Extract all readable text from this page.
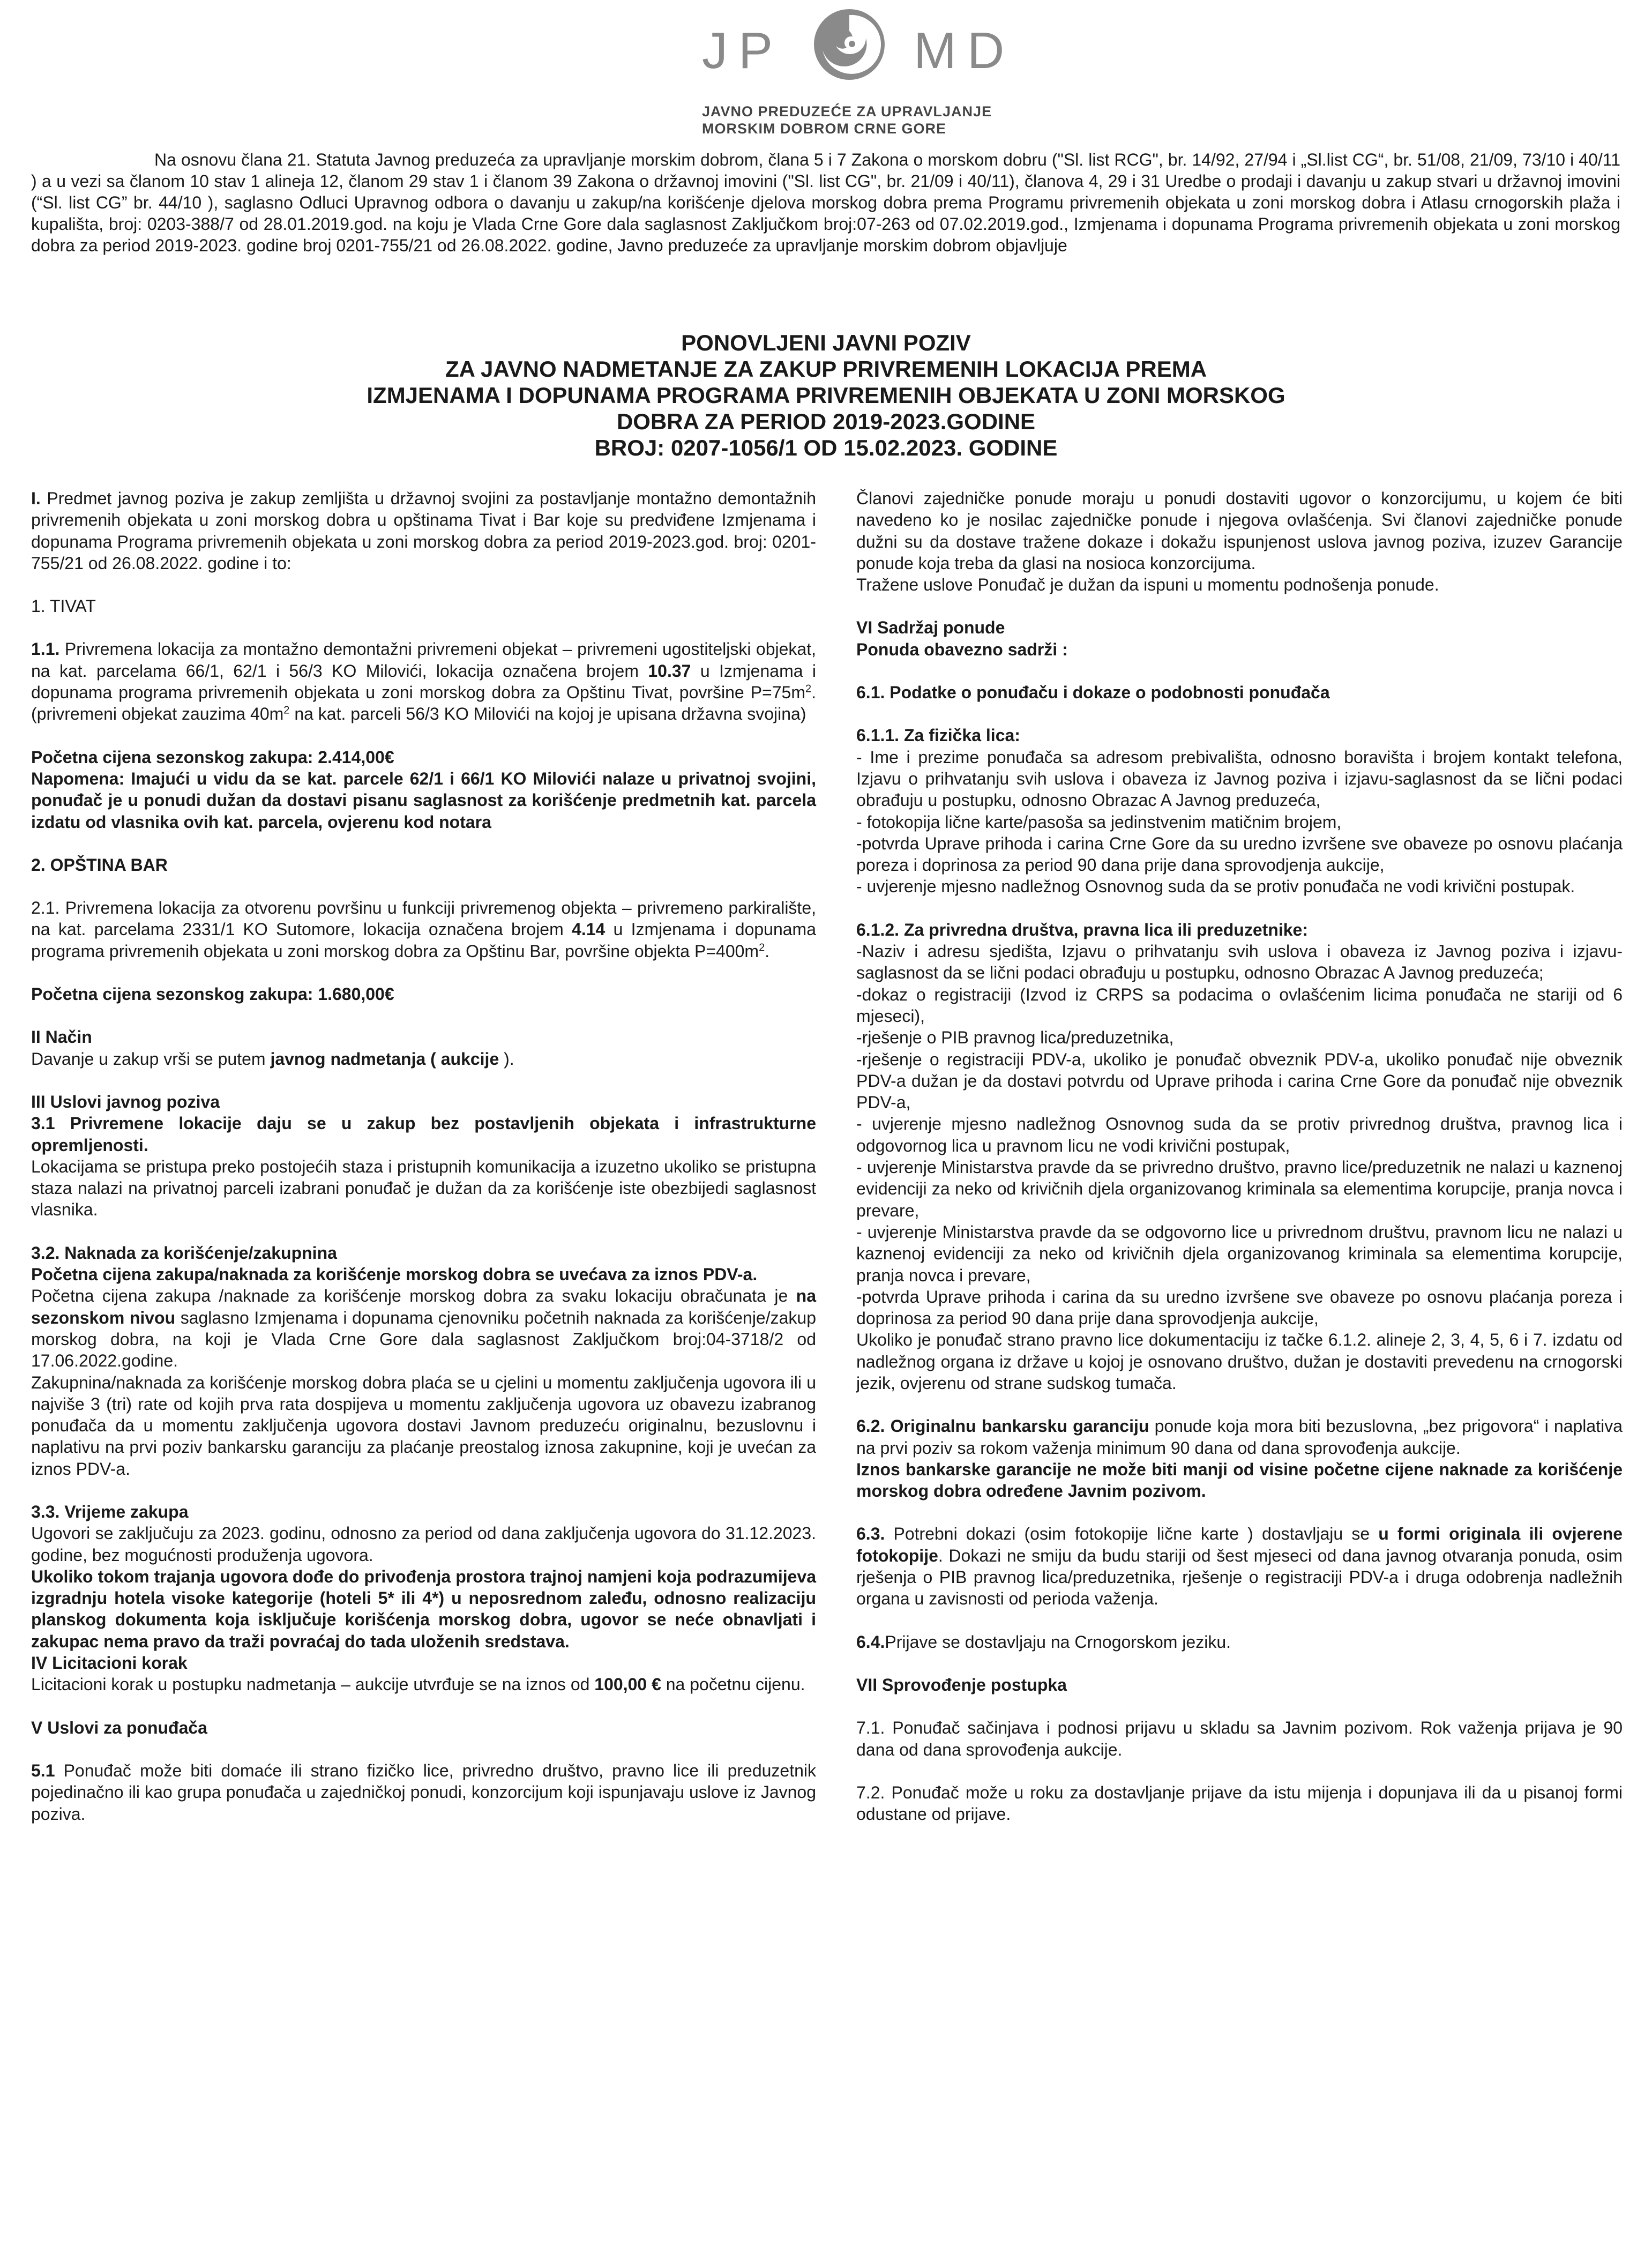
JP	MD
JAVNO PREDUZEĆE ZA UPRAVLJANJE
MORSKIM DOBROM CRNE GORE
Na osnovu člana 21. Statuta Javnog preduzeća za upravljanje morskim dobrom, člana 5 i 7 Zakona o morskom dobru ("Sl. list RCG", br. 14/92, 27/94 i „Sl.list CG“, br. 51/08, 21/09, 73/10 i 40/11 ) a u vezi sa članom 10 stav 1 alineja 12, članom 29 stav 1 i članom 39 Zakona o državnoj imovini ("Sl. list CG", br. 21/09 i 40/11), članova 4, 29 i 31 Uredbe o prodaji i davanju u zakup stvari u državnoj imovini (“Sl. list CG” br. 44/10 ), saglasno Odluci Upravnog odbora o davanju u zakup/na korišćenje djelova morskog dobra prema Programu privremenih objekata u zoni morskog dobra i Atlasu crnogorskih plaža i kupališta, broj: 0203-388/7 od 28.01.2019.god. na koju je Vlada Crne Gore dala saglasnost Zaključkom broj:07-263 od 07.02.2019.god., Izmjenama i dopunama Programa privremenih objekata u zoni morskog dobra za period 2019-2023. godine broj 0201-755/21 od 26.08.2022. godine, Javno preduzeće za upravljanje morskim dobrom objavljuje
PONOVLJENI JAVNI POZIV
ZA JAVNO NADMETANJE ZA ZAKUP PRIVREMENIH LOKACIJA PREMA
IZMJENAMA I DOPUNAMA PROGRAMA PRIVREMENIH OBJEKATA U ZONI MORSKOG
DOBRA ZA PERIOD 2019-2023.GODINE
BROJ: 0207-1056/1 OD 15.02.2023. GODINE

I. Predmet javnog poziva je zakup zemljišta u državnoj svojini za postavljanje montažno demontažnih privremenih objekata u zoni morskog dobra u opštinama Tivat i Bar koje su predviđene Izmjenama i dopunama Programa privremenih objekata u zoni morskog dobra za period 2019-2023.god. broj: 0201-755/21 od 26.08.2022. godine i to:

1. TIVAT

1.1. Privremena lokacija za montažno demontažni privremeni objekat – privremeni ugostiteljski objekat, na kat. parcelama 66/1, 62/1 i 56/3 KO Milovići, lokacija označena brojem 10.37 u Izmjenama i dopunama programa privremenih objekata u zoni morskog dobra za Opštinu Tivat, površine $P=75m^2$. (privremeni objekat zauzima $40m^2$ na kat. parceli 56/3 KO Milovići na kojoj je upisana državna svojina)

Početna cijena sezonskog zakupa: 2.414,00€

Napomena: Imajući u vidu da se kat. parcele 62/1 i 66/1 KO Milovići nalaze u privatnoj svojini, ponuđač je u ponudi dužan da dostavi pisanu saglasnost za korišćenje predmetnih kat. parcela izdatu od vlasnika ovih kat. parcela, ovjerenu kod notara

2. OPŠTINA BAR

2.1. Privremena lokacija za otvorenu površinu u funkciji privremenog objekta – privremeno parkiralište, na kat. parcelama 2331/1 KO Sutomore, lokacija označena brojem 4.14 u Izmjenama i dopunama programa privremenih objekata u zoni morskog dobra za Opštinu Bar, površine objekta $P=400m^2$.

Početna cijena sezonskog zakupa: 1.680,00€

II Način

Davanje u zakup vrši se putem javnog nadmetanja ( aukcije ).

III Uslovi javnog poziva

3.1 Privremene lokacije daju se u zakup bez postavljenih objekata i infrastrukturne opremljenosti.

Lokacijama se pristupa preko postojećih staza i pristupnih komunikacija a izuzetno ukoliko se pristupna staza nalazi na privatnoj parceli izabrani ponuđač je dužan da za korišćenje iste obezbijedi saglasnost vlasnika.

3.2. Naknada za korišćenje/zakupnina

Početna cijena zakupa/naknada za korišćenje morskog dobra se uvećava za iznos PDV-a.

Početna cijena zakupa /naknade za korišćenje morskog dobra za svaku lokaciju obračunata je na sezonskom nivou saglasno Izmjenama i dopunama cjenovniku početnih naknada za korišćenje/zakup morskog dobra, na koji je Vlada Crne Gore dala saglasnost Zaključkom broj:04-3718/2 od 17.06.2022.godine.

Zakupnina/naknada za korišćenje morskog dobra plaća se u cjelini u momentu zaključenja ugovora ili u najviše 3 (tri) rate od kojih prva rata dospijeva u momentu zaključenja ugovora uz obavezu izabranog ponuđača da u momentu zaključenja ugovora dostavi Javnom preduzeću originalnu, bezuslovnu i naplativu na prvi poziv bankarsku garanciju za plaćanje preostalog iznosa zakupnine, koji je uvećan za iznos PDV-a.

3.3. Vrijeme zakupa

Ugovori se zaključuju za 2023. godinu, odnosno za period od dana zaključenja ugovora do 31.12.2023. godine, bez mogućnosti produženja ugovora.

Ukoliko tokom trajanja ugovora dođe do privođenja prostora trajnoj namjeni koja podrazumijeva izgradnju hotela visoke kategorije (hoteli 5* ili 4*) u neposrednom zaleđu, odnosno realizaciju planskog dokumenta koja isključuje korišćenja morskog dobra, ugovor se neće obnavljati i zakupac nema pravo da traži povraćaj do tada uloženih sredstava.

IV Licitacioni korak

Licitacioni korak u postupku nadmetanja – aukcije utvrđuje se na iznos od 100,00 € na početnu cijenu.

V Uslovi za ponuđača

5.1 Ponuđač može biti domaće ili strano fizičko lice, privredno društvo, pravno lice ili preduzetnik pojedinačno ili kao grupa ponuđača u zajedničkoj ponudi, konzorcijum koji ispunjavaju uslove iz Javnog poziva.

Članovi zajedničke ponude moraju u ponudi dostaviti ugovor o konzorcijumu, u kojem će biti navedeno ko je nosilac zajedničke ponude i njegova ovlašćenja. Svi članovi zajedničke ponude dužni su da dostave tražene dokaze i dokažu ispunjenost uslova javnog poziva, izuzev Garancije ponude koja treba da glasi na nosioca konzorcijuma.

Tražene uslove Ponuđač je dužan da ispuni u momentu podnošenja ponude.

VI Sadržaj ponude

Ponuda obavezno sadrži :

6.1. Podatke o ponuđaču i dokaze o podobnosti ponuđača

6.1.1. Za fizička lica:

- Ime i prezime ponuđača sa adresom prebivališta, odnosno boravišta i brojem kontakt telefona, Izjavu o prihvatanju svih uslova i obaveza iz Javnog poziva i izjavu-saglasnost da se lični podaci obrađuju u postupku, odnosno Obrazac A Javnog preduzeća,

- fotokopija lične karte/pasoša sa jedinstvenim matičnim brojem,

-potvrda Uprave prihoda i carina Crne Gore da su uredno izvršene sve obaveze po osnovu plaćanja poreza i doprinosa za period 90 dana prije dana sprovodjenja aukcije,

- uvjerenje mjesno nadležnog Osnovnog suda da se protiv ponuđača ne vodi krivični postupak.

6.1.2. Za privredna društva, pravna lica ili preduzetnike:

-Naziv i adresu sjedišta, Izjavu o prihvatanju svih uslova i obaveza iz Javnog poziva i izjavu-saglasnost da se lični podaci obrađuju u postupku, odnosno Obrazac A Javnog preduzeća;

-dokaz o registraciji (Izvod iz CRPS sa podacima o ovlašćenim licima ponuđača ne stariji od 6 mjeseci),

-rješenje o PIB pravnog lica/preduzetnika,

-rješenje o registraciji PDV-a, ukoliko je ponuđač obveznik PDV-a, ukoliko ponuđač nije obveznik PDV-a dužan je da dostavi potvrdu od Uprave prihoda i carina Crne Gore da ponuđač nije obveznik PDV-a,

- uvjerenje mjesno nadležnog Osnovnog suda da se protiv privrednog društva, pravnog lica i odgovornog lica u pravnom licu ne vodi krivični postupak,

- uvjerenje Ministarstva pravde da se privredno društvo, pravno lice/preduzetnik ne nalazi u kaznenoj evidenciji za neko od krivičnih djela organizovanog kriminala sa elementima korupcije, pranja novca i prevare,

- uvjerenje Ministarstva pravde da se odgovorno lice u privrednom društvu, pravnom licu ne nalazi u kaznenoj evidenciji za neko od krivičnih djela organizovanog kriminala sa elementima korupcije, pranja novca i prevare,

-potvrda Uprave prihoda i carina da su uredno izvršene sve obaveze po osnovu plaćanja poreza i doprinosa za period 90 dana prije dana sprovodjenja aukcije,

Ukoliko je ponuđač strano pravno lice dokumentaciju iz tačke 6.1.2. alineje 2, 3, 4, 5, 6 i 7. izdatu od nadležnog organa iz države u kojoj je osnovano društvo, dužan je dostaviti prevedenu na crnogorski jezik, ovjerenu od strane sudskog tumača.

6.2. Originalnu bankarsku garanciju ponude koja mora biti bezuslovna, „bez prigovora“ i naplativa na prvi poziv sa rokom važenja minimum 90 dana od dana sprovođenja aukcije.

Iznos bankarske garancije ne može biti manji od visine početne cijene naknade za korišćenje morskog dobra određene Javnim pozivom.

6.3. Potrebni dokazi (osim fotokopije lične karte ) dostavljaju se u formi originala ili ovjerene fotokopije. Dokazi ne smiju da budu stariji od šest mjeseci od dana javnog otvaranja ponuda, osim rješenja o PIB pravnog lica/preduzetnika, rješenje o registraciji PDV-a i druga odobrenja nadležnih organa u zavisnosti od perioda važenja.

6.4.Prijave se dostavljaju na Crnogorskom jeziku.

VII Sprovođenje postupka

7.1. Ponuđač sačinjava i podnosi prijavu u skladu sa Javnim pozivom. Rok važenja prijava je 90 dana od dana sprovođenja aukcije.

7.2. Ponuđač može u roku za dostavljanje prijave da istu mijenja i dopunjava ili da u pisanoj formi odustane od prijave.
